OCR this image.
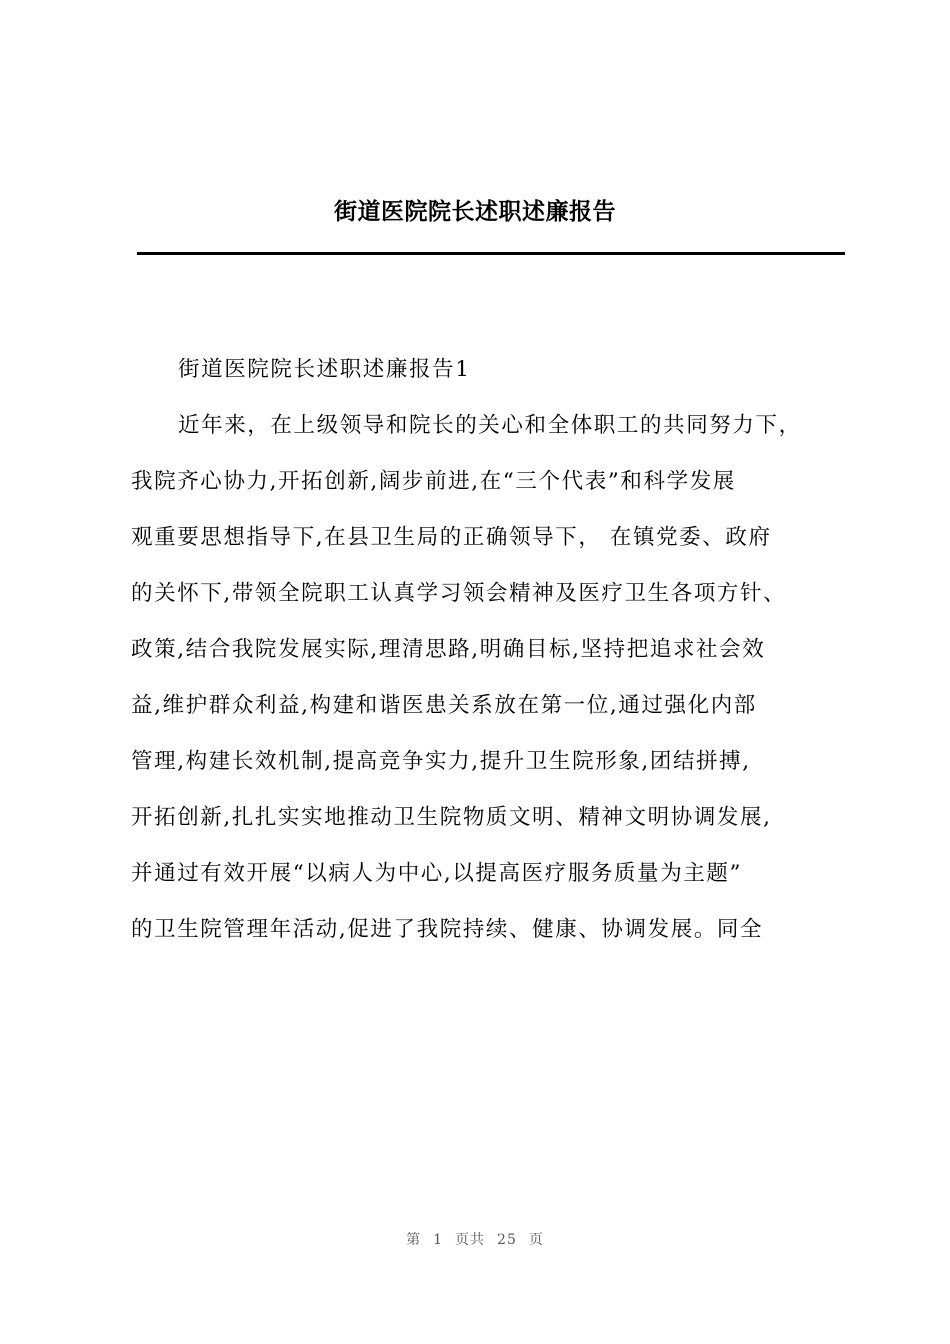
街道医院院长述职述廉报告
街道医院院长述职述廉报告1
近年来，在上级领导和院长的关心和全体职工的共同努力下，
我院齐心协力,开拓创新,阔步前进,在“三个代表”和科学发展
观重要思想指导下,在县卫生局的正确领导下， 在镇党委、政府
的关怀下,带领全院职工认真学习领会精神及医疗卫生各项方针、
政策,结合我院发展实际,理清思路,明确目标,坚持把追求社会效
益,维护群众利益,构建和谐医患关系放在第一位,通过强化内部
管理,构建长效机制,提高竞争实力,提升卫生院形象,团结拼搏,
开拓创新,扎扎实实地推动卫生院物质文明、精神文明协调发展,
并通过有效开展“以病人为中心,以提高医疗服务质量为主题”
的卫生院管理年活动,促进了我院持续、健康、协调发展。同全
第 1 页共 25 页
